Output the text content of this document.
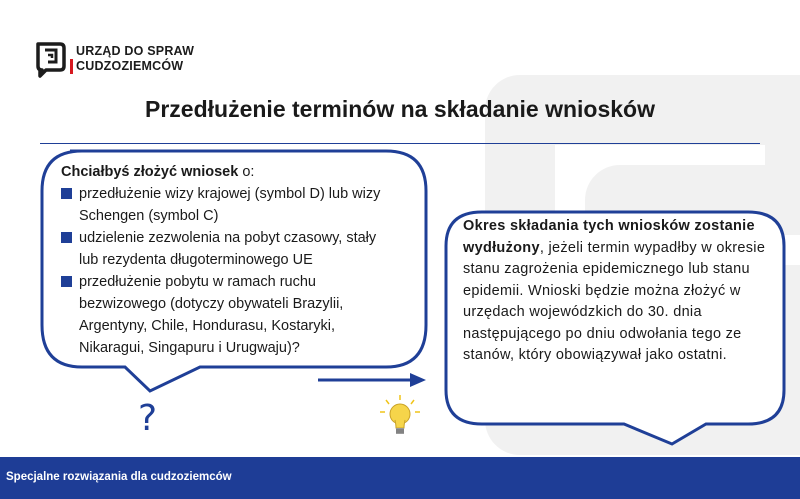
URZĄD DO SPRAW
CUDZOZIEMCÓW
Przedłużenie terminów na składanie wniosków
Chciałbyś złożyć wniosek o:
przedłużenie wizy krajowej (symbol D) lub wizy Schengen (symbol C)
udzielenie zezwolenia na pobyt czasowy, stały lub rezydenta długoterminowego UE
przedłużenie pobytu w ramach ruchu bezwizowego (dotyczy obywateli Brazylii, Argentyny, Chile, Hondurasu, Kostaryki, Nikaragui, Singapuru i Urugwaju)?
Okres składania tych wniosków zostanie wydłużony, jeżeli termin wypadłby w okresie stanu zagrożenia epidemicznego lub stanu epidemii. Wnioski będzie można złożyć w urzędach wojewódzkich do 30. dnia następującego po dniu odwołania tego ze stanów, który obowiązywał jako ostatni.
?
Specjalne rozwiązania dla cudzoziemców
